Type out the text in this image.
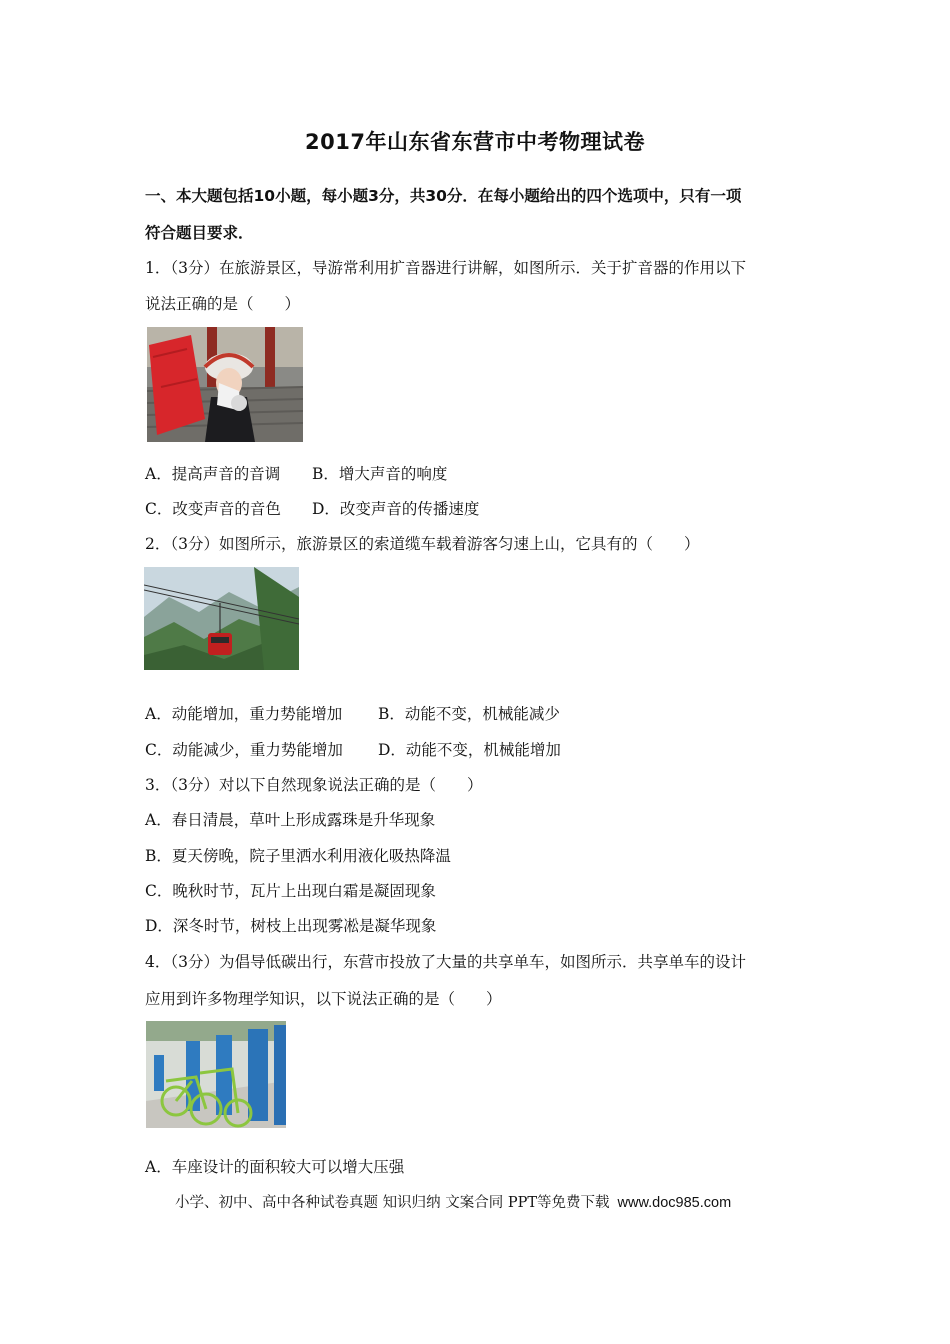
2017年山东省东营市中考物理试卷
一、本大题包括10小题，每小题3分，共30分．在每小题给出的四个选项中，只有一项
符合题目要求．
1．（3分）在旅游景区，导游常利用扩音器进行讲解，如图所示．关于扩音器的作用以下
说法正确的是（　　）
A．提高声音的音调 B．增大声音的响度
C．改变声音的音色 D．改变声音的传播速度
2．（3分）如图所示，旅游景区的索道缆车载着游客匀速上山，它具有的（　　）
A．动能增加，重力势能增加 B．动能不变，机械能减少
C．动能减少，重力势能增加 D．动能不变，机械能增加
3．（3分）对以下自然现象说法正确的是（　　）
A．春日清晨，草叶上形成露珠是升华现象
B．夏天傍晚，院子里洒水利用液化吸热降温
C．晚秋时节，瓦片上出现白霜是凝固现象
D．深冬时节，树枝上出现雾凇是凝华现象
4．（3分）为倡导低碳出行，东营市投放了大量的共享单车，如图所示．共享单车的设计
应用到许多物理学知识，以下说法正确的是（　　）
A．车座设计的面积较大可以增大压强
小学、初中、高中各种试卷真题 知识归纳 文案合同 PPT等免费下载 www.doc985.com
